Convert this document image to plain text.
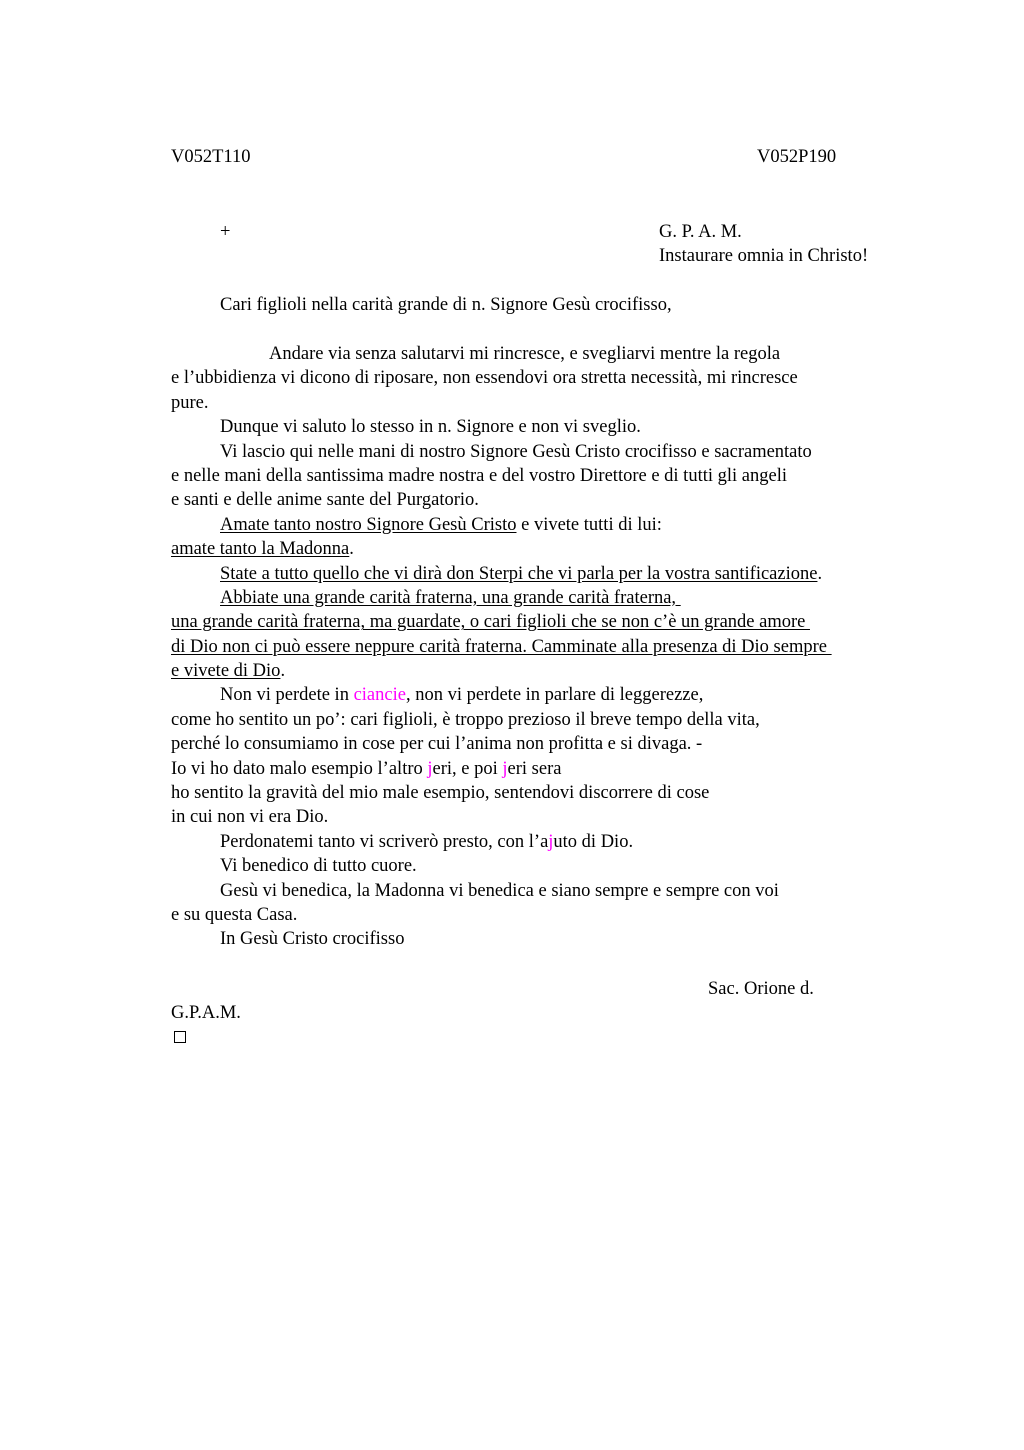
V052T110	V052P190
+	G. P. A. M.
Instaurare omnia in Christo!
Cari figlioli nella carità grande di n. Signore Gesù crocifisso,
Andare via senza salutarvi mi rincresce, e svegliarvi mentre la regola
e l’ubbidienza vi dicono di riposare, non essendovi ora stretta necessità, mi rincresce
pure.
Dunque vi saluto lo stesso in n. Signore e non vi sveglio.
Vi lascio qui nelle mani di nostro Signore Gesù Cristo crocifisso e sacramentato
e nelle mani della santissima madre nostra e del vostro Direttore e di tutti gli angeli
e santi e delle anime sante del Purgatorio.
Amate tanto nostro Signore Gesù Cristo e vivete tutti di lui:
amate tanto la Madonna.
State a tutto quello che vi dirà don Sterpi che vi parla per la vostra santificazione.
Abbiate una grande carità fraterna, una grande carità fraterna,
una grande carità fraterna, ma guardate, o cari figlioli che se non c’è un grande amore
di Dio non ci può essere neppure carità fraterna. Camminate alla presenza di Dio sempre
e vivete di Dio.
Non vi perdete in ciancie, non vi perdete in parlare di leggerezze,
come ho sentito un po’: cari figlioli, è troppo prezioso il breve tempo della vita,
perché lo consumiamo in cose per cui l’anima non profitta e si divaga. -
Io vi ho dato malo esempio l’altro jeri, e poi jeri sera
ho sentito la gravità del mio male esempio, sentendovi discorrere di cose
in cui non vi era Dio.
Perdonatemi tanto vi scriverò presto, con l’ajuto di Dio.
Vi benedico di tutto cuore.
Gesù vi benedica, la Madonna vi benedica e siano sempre e sempre con voi
e su questa Casa.
In Gesù Cristo crocifisso
Sac. Orione d.
G.P.A.M.
